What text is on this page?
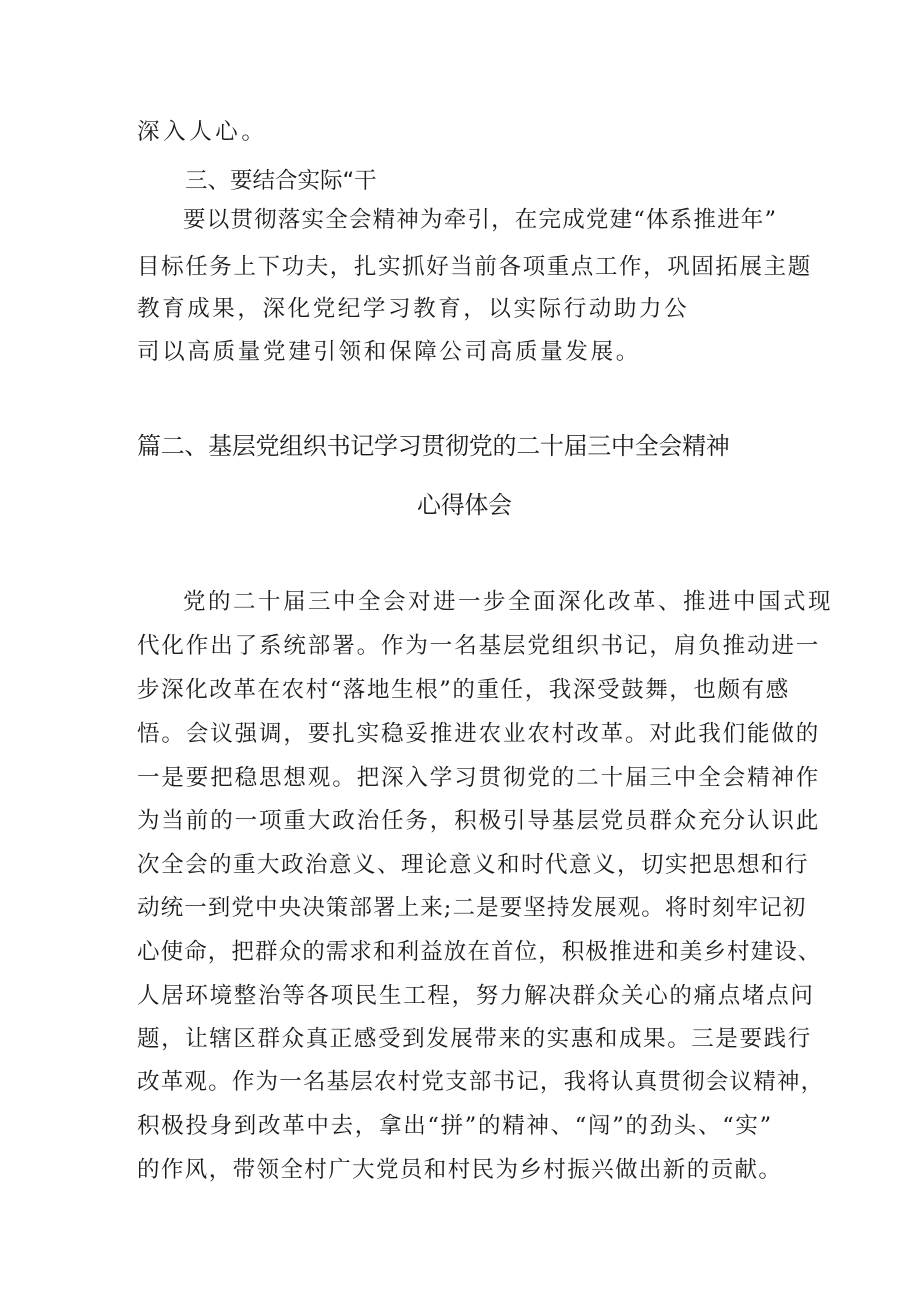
深入人心。
三、要结合实际“干
要以贯彻落实全会精神为牵引，在完成党建“体系推进年”
目标任务上下功夫，扎实抓好当前各项重点工作，巩固拓展主题
教育成果，深化党纪学习教育，以实际行动助力公
司以高质量党建引领和保障公司高质量发展。
篇二、基层党组织书记学习贯彻党的二十届三中全会精神
心得体会
党的二十届三中全会对进一步全面深化改革、推进中国式现
代化作出了系统部署。作为一名基层党组织书记，肩负推动进一
步深化改革在农村“落地生根”的重任，我深受鼓舞，也颇有感
悟。会议强调，要扎实稳妥推进农业农村改革。对此我们能做的
一是要把稳思想观。把深入学习贯彻党的二十届三中全会精神作
为当前的一项重大政治任务，积极引导基层党员群众充分认识此
次全会的重大政治意义、理论意义和时代意义，切实把思想和行
动统一到党中央决策部署上来;二是要坚持发展观。将时刻牢记初
心使命，把群众的需求和利益放在首位，积极推进和美乡村建设、
人居环境整治等各项民生工程，努力解决群众关心的痛点堵点问
题，让辖区群众真正感受到发展带来的实惠和成果。三是要践行
改革观。作为一名基层农村党支部书记，我将认真贯彻会议精神，
积极投身到改革中去，拿出“拼”的精神、“闯”的劲头、“实”
的作风，带领全村广大党员和村民为乡村振兴做出新的贡献。
